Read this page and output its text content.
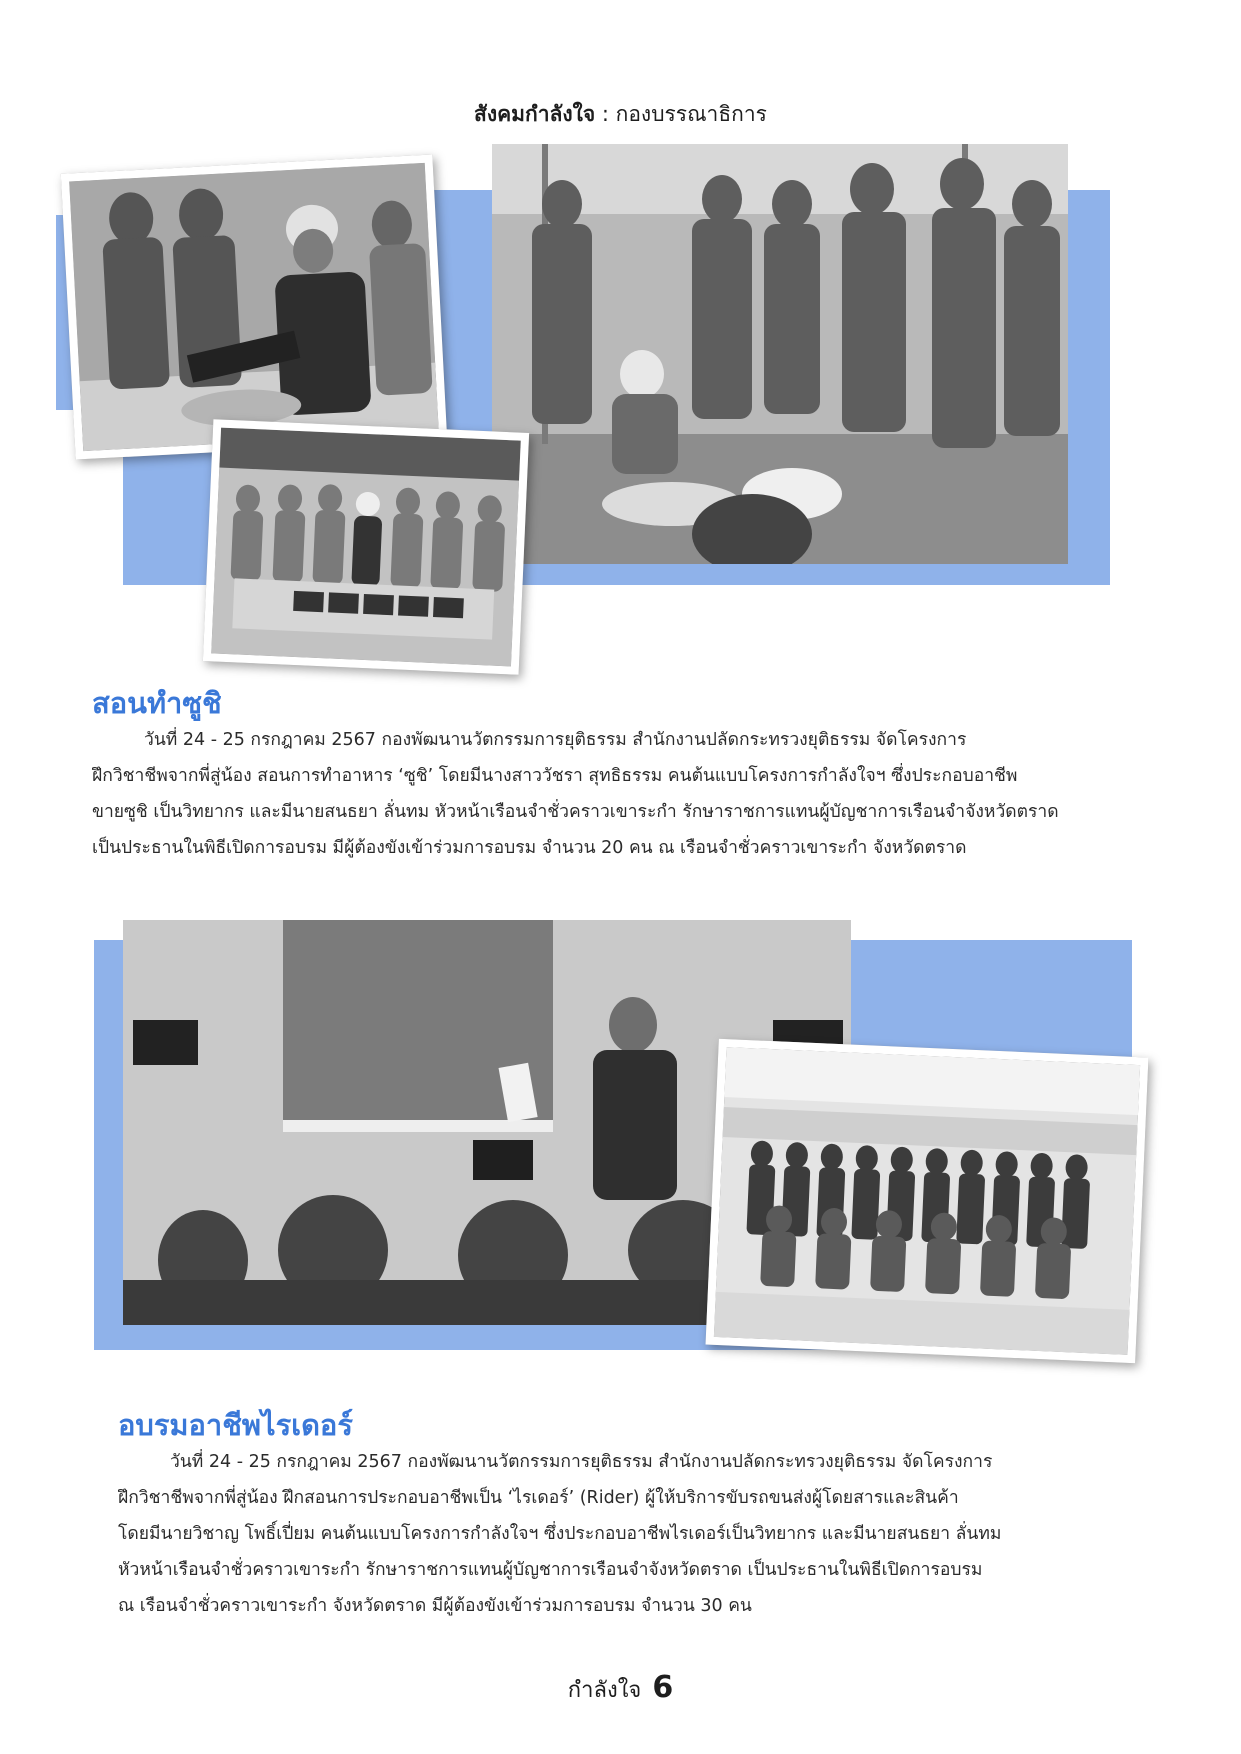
สังคมกำลังใจ : กองบรรณาธิการ
สอนทำซูชิ
วันที่ 24 - 25 กรกฎาคม 2567 กองพัฒนานวัตกรรมการยุติธรรม สำนักงานปลัดกระทรวงยุติธรรม จัดโครงการ
ฝึกวิชาชีพจากพี่สู่น้อง สอนการทำอาหาร ‘ซูชิ’ โดยมีนางสาววัชรา สุทธิธรรม คนต้นแบบโครงการกำลังใจฯ ซึ่งประกอบอาชีพ
ขายซูชิ เป็นวิทยากร และมีนายสนธยา ลั่นทม หัวหน้าเรือนจำชั่วคราวเขาระกำ รักษาราชการแทนผู้บัญชาการเรือนจำจังหวัดตราด
เป็นประธานในพิธีเปิดการอบรม มีผู้ต้องขังเข้าร่วมการอบรม จำนวน 20 คน ณ เรือนจำชั่วคราวเขาระกำ จังหวัดตราด
อบรมอาชีพไรเดอร์
วันที่ 24 - 25 กรกฎาคม 2567 กองพัฒนานวัตกรรมการยุติธรรม สำนักงานปลัดกระทรวงยุติธรรม จัดโครงการ
ฝึกวิชาชีพจากพี่สู่น้อง ฝึกสอนการประกอบอาชีพเป็น ‘ไรเดอร์’ (Rider) ผู้ให้บริการขับรถขนส่งผู้โดยสารและสินค้า
โดยมีนายวิชาญ โพธิ์เปี่ยม คนต้นแบบโครงการกำลังใจฯ ซึ่งประกอบอาชีพไรเดอร์เป็นวิทยากร และมีนายสนธยา ลั่นทม
หัวหน้าเรือนจำชั่วคราวเขาระกำ รักษาราชการแทนผู้บัญชาการเรือนจำจังหวัดตราด เป็นประธานในพิธีเปิดการอบรม
ณ เรือนจำชั่วคราวเขาระกำ จังหวัดตราด มีผู้ต้องขังเข้าร่วมการอบรม จำนวน 30 คน
กำลังใจ 6
